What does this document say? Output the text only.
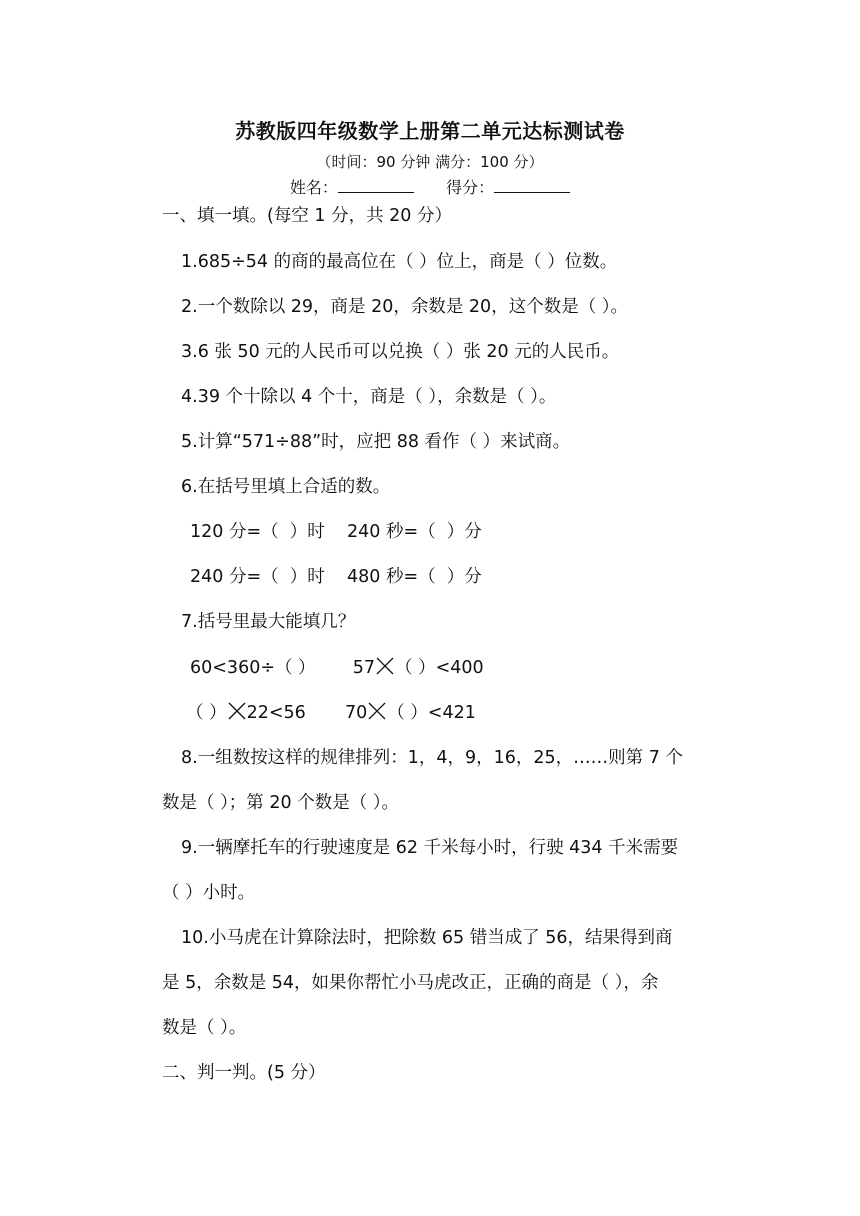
苏教版四年级数学上册第二单元达标测试卷
（时间：90 分钟 满分：100 分）
姓名：	得分：
一、填一填。(每空 1 分，共 20 分）
1.685÷54 的商的最高位在（ ）位上，商是（ ）位数。
2.一个数除以 29，商是 20，余数是 20，这个数是（ ）。
3.6 张 50 元的人民币可以兑换（ ）张 20 元的人民币。
4.39 个十除以 4 个十，商是（ ），余数是（ ）。
5.计算“571÷88”时，应把 88 看作（ ）来试商。
6.在括号里填上合适的数。
120 分=（  ）时    240 秒=（  ）分
240 分=（  ）时    480 秒=（  ）分
7.括号里最大能填几？
60<360÷（ ） 57 （ ）<400
（ ） 22<56 70 （ ）<421
8.一组数按这样的规律排列：1，4，9，16，25，……则第 7 个
数是（ ）；第 20 个数是（ ）。
9.一辆摩托车的行驶速度是 62 千米每小时，行驶 434 千米需要
（ ）小时。
10.小马虎在计算除法时，把除数 65 错当成了 56，结果得到商
是 5，余数是 54，如果你帮忙小马虎改正，正确的商是（ ），余
数是（ ）。
二、判一判。(5 分）
